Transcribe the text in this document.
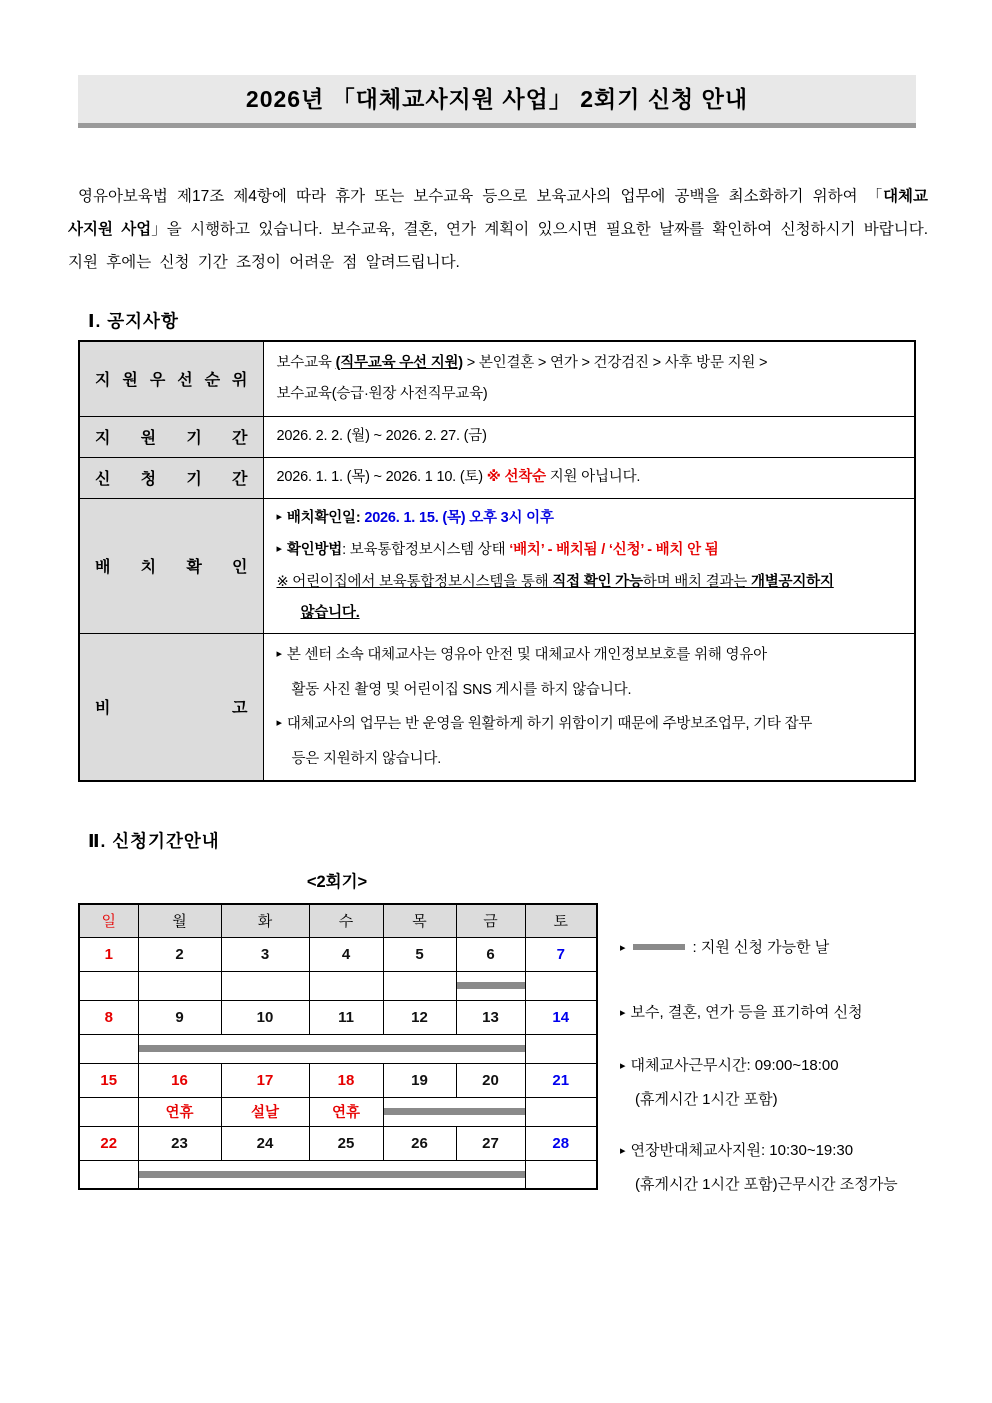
2026년 「대체교사지원 사업」 2회기 신청 안내
영유아보육법 제17조 제4항에 따라 휴가 또는 보수교육 등으로 보육교사의 업무에 공백을 최소화하기 위하여 「대체교사지원 사업」을 시행하고 있습니다. 보수교육, 결혼, 연가 계획이 있으시면 필요한 날짜를 확인하여 신청하시기 바랍니다. 지원 후에는 신청 기간 조정이 어려운 점 알려드립니다.
Ⅰ. 공지사항
지 원 우 선 순 위	보수교육 (직무교육 우선 지원) > 본인결혼 > 연가 > 건강검진 > 사후 방문 지원 >
보수교육(승급·원장 사전직무교육)

지 원 기 간	2026. 2. 2. (월) ~ 2026. 2. 27. (금)

신 청 기 간	2026. 1. 1. (목) ~ 2026. 1 10. (토) ※ 선착순 지원 아닙니다.

배 치 확 인	▸ 배치확인일: 2026. 1. 15. (목) 오후 3시 이후
▸ 확인방법: 보육통합정보시스템 상태 ‘배치’ - 배치됨 / ‘신청’ - 배치 안 됨
※ 어린이집에서 보육통합정보시스템을 통해 직접 확인 가능하며 배치 결과는 개별공지하지
않습니다.

비 고	▸ 본 센터 소속 대체교사는 영유아 안전 및 대체교사 개인정보보호를 위해 영유아
활동 사진 촬영 및 어린이집 SNS 게시를 하지 않습니다.
▸ 대체교사의 업무는 반 운영을 원활하게 하기 위함이기 때문에 주방보조업무, 기타 잡무
등은 지원하지 않습니다.
Ⅱ. 신청기간안내
<2회기>
일	월	화	수	목	금	토
1	2	3	4	5	6	7

8	9	10	11	12	13	14

15	16	17	18	19	20	21
	연휴	설날	연휴		

22	23	24	25	26	27	28

▸	: 지원 신청 가능한 날
▸ 보수, 결혼, 연가 등을 표기하여 신청
▸ 대체교사근무시간: 09:00~18:00
(휴게시간 1시간 포함)
▸ 연장반대체교사지원: 10:30~19:30
(휴게시간 1시간 포함)근무시간 조정가능
